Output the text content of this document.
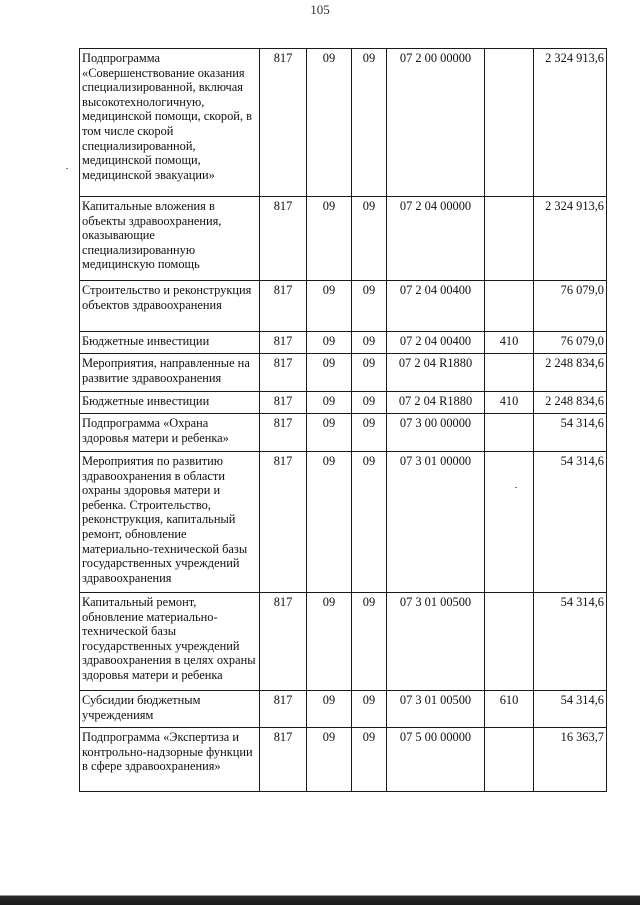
105
Подпрограмма «Совершенствование оказания специализированной, включая высокотехнологичную, медицинской помощи, скорой, в том числе скорой специализированной, медицинской помощи, медицинской эвакуации»	817	09	09	07 2 00 00000		2 324 913,6
Капитальные вложения в объекты здравоохранения, оказывающие специализированную медицинскую помощь	817	09	09	07 2 04 00000		2 324 913,6
Строительство и реконструкция объектов здравоохранения	817	09	09	07 2 04 00400		76 079,0
Бюджетные инвестиции	817	09	09	07 2 04 00400	410	76 079,0
Мероприятия, направленные на развитие здравоохранения	817	09	09	07 2 04 R1880		2 248 834,6
Бюджетные инвестиции	817	09	09	07 2 04 R1880	410	2 248 834,6
Подпрограмма «Охрана здоровья матери и ребенка»	817	09	09	07 3 00 00000		54 314,6
Мероприятия по развитию здравоохранения в области охраны здоровья матери и ребенка. Строительство, реконструкция, капитальный ремонт, обновление материально-технической базы государственных учреждений здравоохранения	817	09	09	07 3 01 00000		54 314,6
Капитальный ремонт, обновление материально-технической базы государственных учреждений здравоохранения в целях охраны здоровья матери и ребенка	817	09	09	07 3 01 00500		54 314,6
Субсидии бюджетным учреждениям	817	09	09	07 3 01 00500	610	54 314,6
Подпрограмма «Экспертиза и контрольно-надзорные функции в сфере здравоохранения»	817	09	09	07 5 00 00000		16 363,7
